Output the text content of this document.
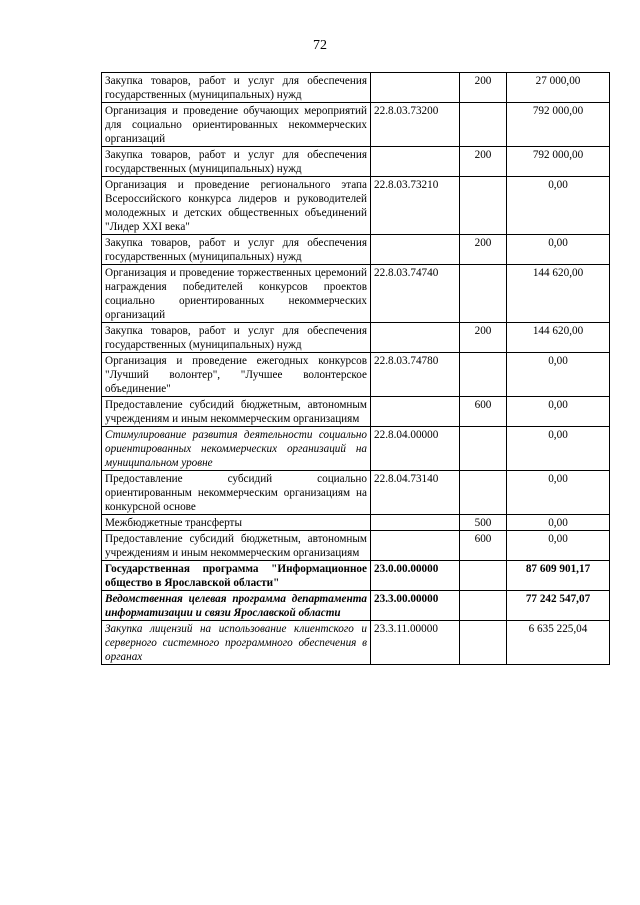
72
Закупка товаров, работ и услуг для обеспечения государственных (муниципальных) нужд		200	27 000,00
Организация и проведение обучающих мероприятий для социально ориентированных некоммерческих организаций	22.8.03.73200		792 000,00
Закупка товаров, работ и услуг для обеспечения государственных (муниципальных) нужд		200	792 000,00
Организация и проведение регионального этапа Всероссийского конкурса лидеров и руководителей молодежных и детских общественных объединений "Лидер XXI века"	22.8.03.73210		0,00
Закупка товаров, работ и услуг для обеспечения государственных (муниципальных) нужд		200	0,00
Организация и проведение торжественных церемоний награждения победителей конкурсов проектов социально ориентированных некоммерческих организаций	22.8.03.74740		144 620,00
Закупка товаров, работ и услуг для обеспечения государственных (муниципальных) нужд		200	144 620,00
Организация и проведение ежегодных конкурсов "Лучший волонтер", "Лучшее волонтерское объединение"	22.8.03.74780		0,00
Предоставление субсидий бюджетным, автономным учреждениям и иным некоммерческим организациям		600	0,00
Стимулирование развития деятельности социально ориентированных некоммерческих организаций на муниципальном уровне	22.8.04.00000		0,00
Предоставление субсидий социально ориентированным некоммерческим организациям на конкурсной основе	22.8.04.73140		0,00
Межбюджетные трансферты		500	0,00
Предоставление субсидий бюджетным, автономным учреждениям и иным некоммерческим организациям		600	0,00
Государственная программа "Информационное общество в Ярославской области"	23.0.00.00000		87 609 901,17
Ведомственная целевая программа департамента информатизации и связи Ярославской области	23.3.00.00000		77 242 547,07
Закупка лицензий на использование клиентского и серверного системного программного обеспечения в органах	23.3.11.00000		6 635 225,04
